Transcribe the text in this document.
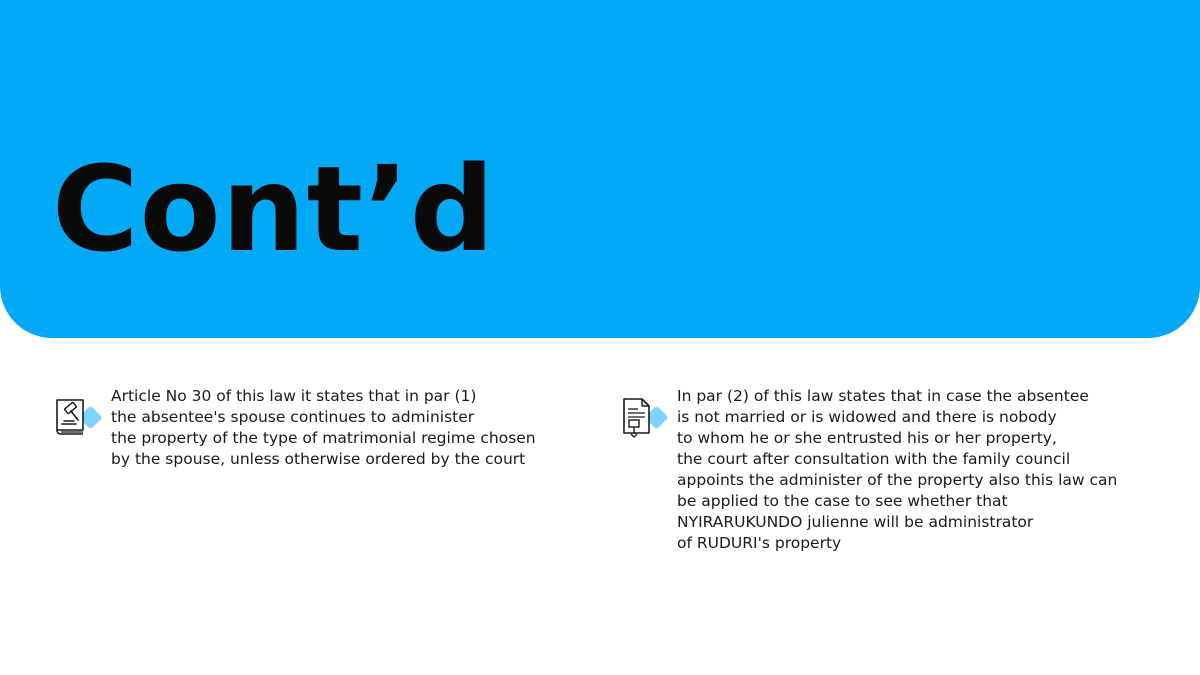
Cont’d

Article No 30 of this law it states that in par (1)
the absentee's spouse continues to administer
the property of the type of matrimonial regime chosen
by the spouse, unless otherwise ordered by the court

In par (2) of this law states that in case the absentee
is not married or is widowed and there is nobody
to whom he or she entrusted his or her property,
the court after consultation with the family council
appoints the administer of the property also this law can
be applied to the case to see whether that
NYIRARUKUNDO julienne will be administrator
of RUDURI's property
